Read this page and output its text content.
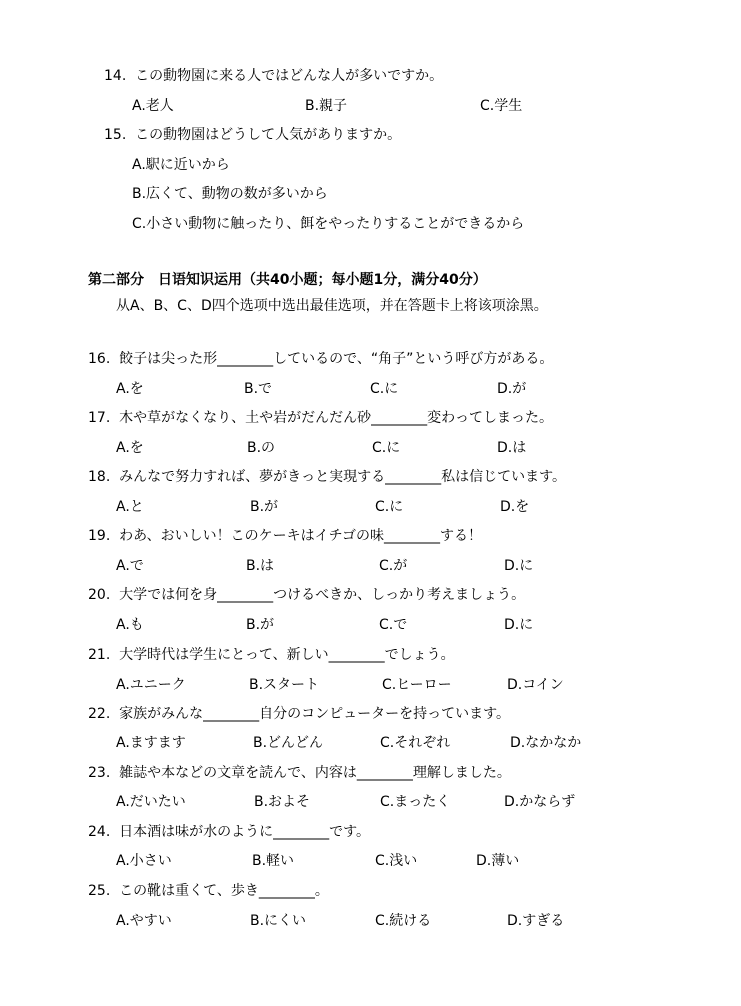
14. この動物園に来る人ではどんな人が多いですか。
A.老人	B.親子	C.学生
15. この動物園はどうして人気がありますか。
A.駅に近いから
B.広くて、動物の数が多いから
C.小さい動物に触ったり、餌をやったりすることができるから
第二部分　日语知识运用（共40小题；每小题1分，满分40分）
从A、B、C、D四个选项中选出最佳选项，并在答题卡上将该项涂黑。
16. 餃子は尖った形________しているので、“角子”という呼び方がある。
A.を	B.で	C.に	D.が
17. 木や草がなくなり、土や岩がだんだん砂________変わってしまった。
A.を	B.の	C.に	D.は
18. みんなで努力すれば、夢がきっと実現する________私は信じています。
A.と	B.が	C.に	D.を
19. わあ、おいしい！このケーキはイチゴの味________する！
A.で	B.は	C.が	D.に
20. 大学では何を身________つけるべきか、しっかり考えましょう。
A.も	B.が	C.で	D.に
21. 大学時代は学生にとって、新しい________でしょう。
A.ユニーク	B.スタート	C.ヒーロー	D.コイン
22. 家族がみんな________自分のコンピューターを持っています。
A.ますます	B.どんどん	C.それぞれ	D.なかなか
23. 雑誌や本などの文章を読んで、内容は________理解しました。
A.だいたい	B.およそ	C.まったく	D.かならず
24. 日本酒は味が水のように________です。
A.小さい	B.軽い	C.浅い	D.薄い
25. この靴は重くて、歩き________。
A.やすい	B.にくい	C.続ける	D.すぎる
